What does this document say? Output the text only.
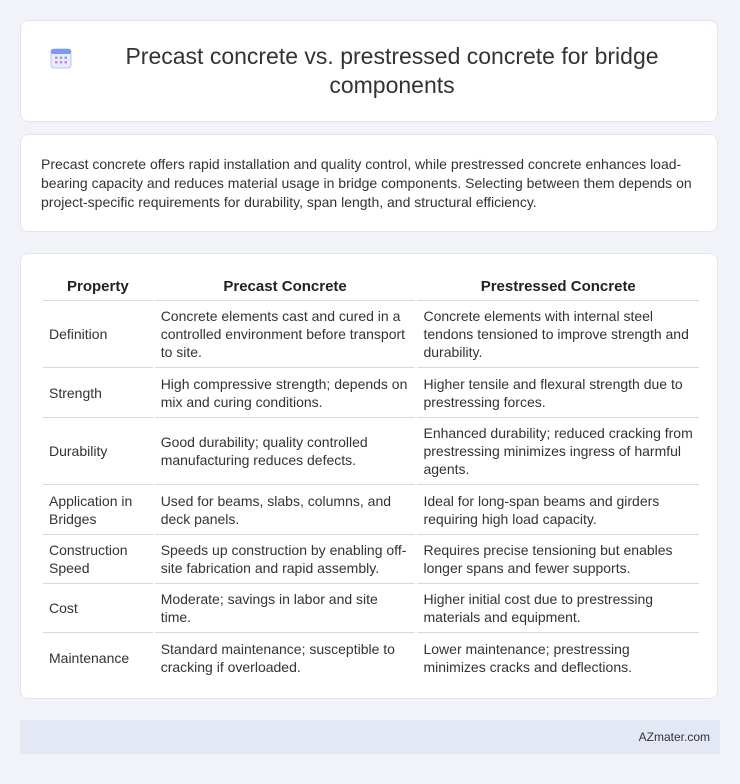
Precast concrete vs. prestressed concrete for bridge components

Precast concrete offers rapid installation and quality control, while prestressed concrete enhances load-bearing capacity and reduces material usage in bridge components. Selecting between them depends on project-specific requirements for durability, span length, and structural efficiency.

Property	Precast Concrete	Prestressed Concrete
Definition	Concrete elements cast and cured in a controlled environment before transport to site.	Concrete elements with internal steel tendons tensioned to improve strength and durability.
Strength	High compressive strength; depends on mix and curing conditions.	Higher tensile and flexural strength due to prestressing forces.
Durability	Good durability; quality controlled manufacturing reduces defects.	Enhanced durability; reduced cracking from prestressing minimizes ingress of harmful agents.
Application in Bridges	Used for beams, slabs, columns, and deck panels.	Ideal for long-span beams and girders requiring high load capacity.
Construction Speed	Speeds up construction by enabling off-site fabrication and rapid assembly.	Requires precise tensioning but enables longer spans and fewer supports.
Cost	Moderate; savings in labor and site time.	Higher initial cost due to prestressing materials and equipment.
Maintenance	Standard maintenance; susceptible to cracking if overloaded.	Lower maintenance; prestressing minimizes cracks and deflections.
AZmater.com
